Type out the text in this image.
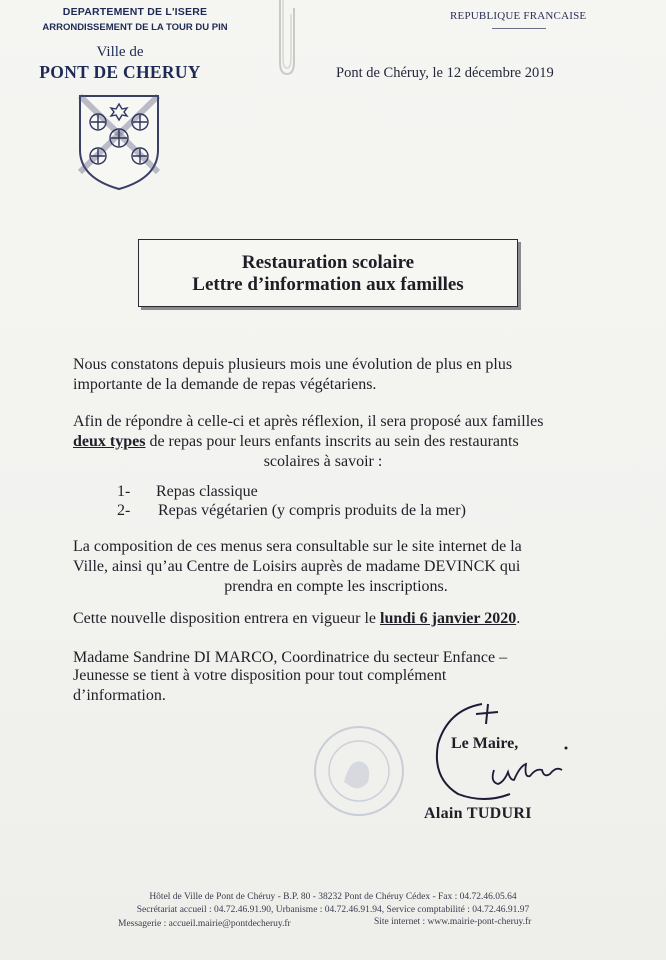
DEPARTEMENT DE L'ISERE
ARRONDISSEMENT DE LA TOUR DU PIN
Ville de
PONT DE CHERUY
REPUBLIQUE FRANCAISE
Pont de Chéruy, le 12 décembre 2019
Restauration scolaire
Lettre d’information aux familles
Nous constatons depuis plusieurs mois une évolution de plus en plus
importante de la demande de repas végétariens.
Afin de répondre à celle-ci et après réflexion, il sera proposé aux familles
deux types de repas pour leurs enfants inscrits au sein des restaurants
scolaires à savoir :
1- Repas classique
2- Repas végétarien (y compris produits de la mer)
La composition de ces menus sera consultable sur le site internet de la
Ville, ainsi qu’au Centre de Loisirs auprès de madame DEVINCK qui
prendra en compte les inscriptions.
Cette nouvelle disposition entrera en vigueur le lundi 6 janvier 2020.
Madame Sandrine DI MARCO, Coordinatrice du secteur Enfance –
Jeunesse se tient à votre disposition pour tout complément
d’information.
Le Maire,
Alain TUDURI
Hôtel de Ville de Pont de Chéruy - B.P. 80 - 38232 Pont de Chéruy Cédex - Fax : 04.72.46.05.64
Secrétariat accueil : 04.72.46.91.90, Urbanisme : 04.72.46.91.94, Service comptabilité : 04.72.46.91.97
Messagerie : accueil.mairie@pontdecheruy.fr	Site internet : www.mairie-pont-cheruy.fr
